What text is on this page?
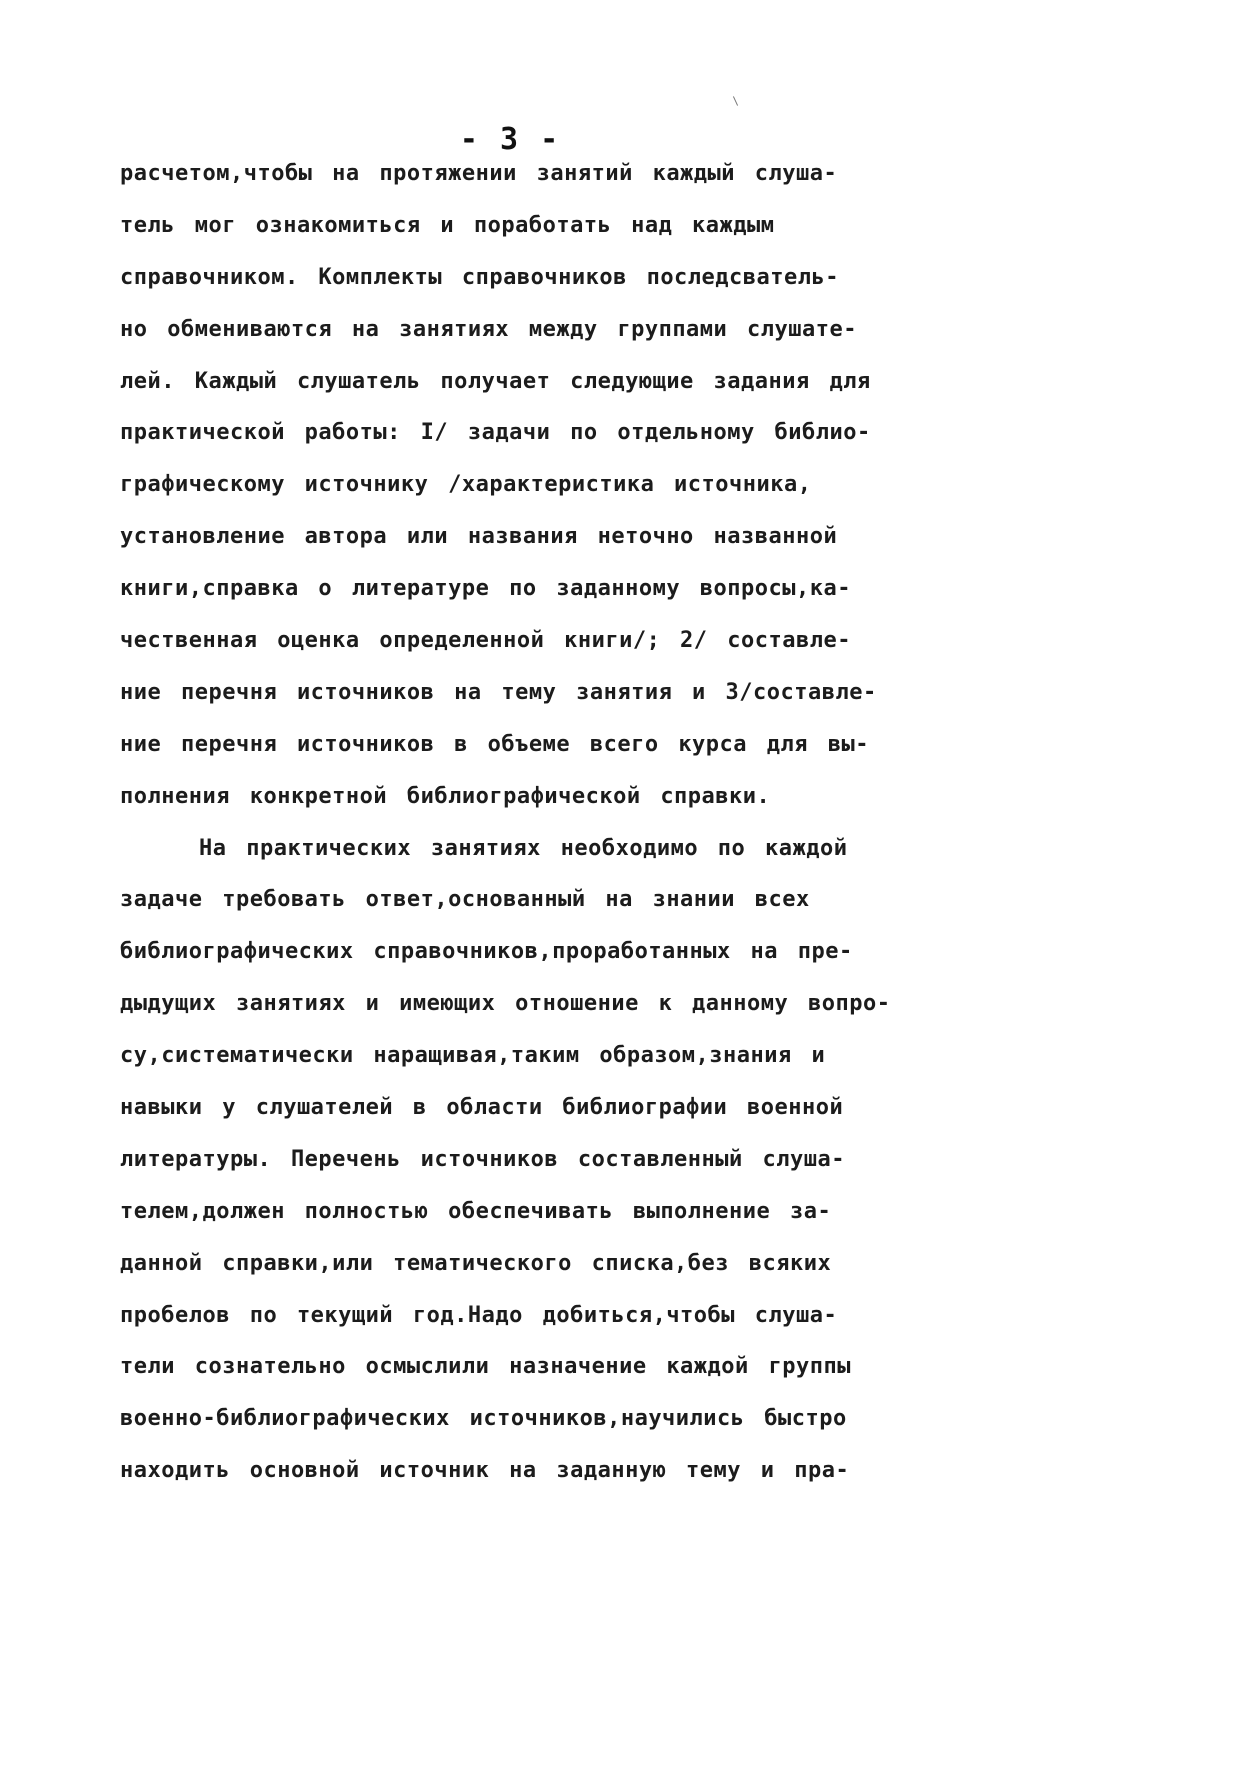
- 3 -
расчетом,чтобы на протяжении занятий каждый слуша-
тель мог ознакомиться и поработать над каждым
справочником. Комплекты справочников последсватель-
но обмениваются на занятиях между группами слушате-
лей. Каждый слушатель получает следующие задания для
практической работы: I/ задачи по отдельному библио-
графическому источнику /характеристика источника,
установление автора или названия неточно названной
книги,справка о литературе по заданному вопросы,ка-
чественная оценка определенной книги/; 2/ составле-
ние перечня источников на тему занятия и 3/составле-
ние перечня источников в объеме всего курса для вы-
полнения конкретной библиографической справки.
На практических занятиях необходимо по каждой
задаче требовать ответ,основанный на знании всех
библиографических справочников,проработанных на пре-
дыдущих занятиях и имеющих отношение к данному вопро-
су,систематически наращивая,таким образом,знания и
навыки у слушателей в области библиографии военной
литературы. Перечень источников составленный слуша-
телем,должен полностью обеспечивать выполнение за-
данной справки,или тематического списка,без всяких
пробелов по текущий год.Надо добиться,чтобы слуша-
тели сознательно осмыслили назначение каждой группы
военно-библиографических источников,научились быстро
находить основной источник на заданную тему и пра-
